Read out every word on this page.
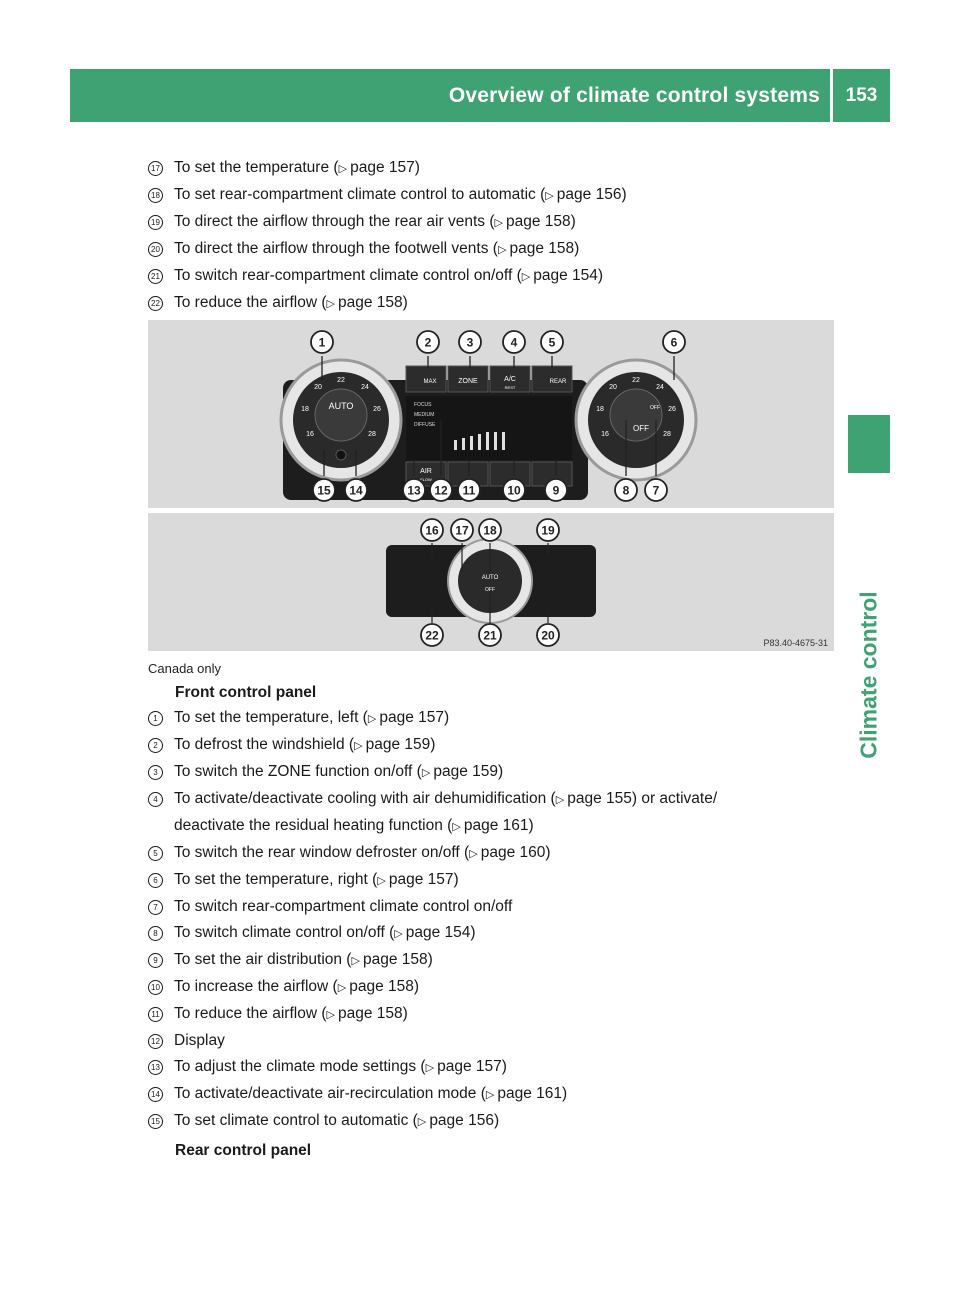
Overview of climate control systems	153
Climate control
17 To set the temperature (▷ page 157)
18 To set rear-compartment climate control to automatic (▷ page 156)
19 To direct the airflow through the rear air vents (▷ page 158)
20 To direct the airflow through the footwell vents (▷ page 158)
21 To switch rear-compartment climate control on/off (▷ page 154)
22 To reduce the airflow (▷ page 158)
AUTO
OFF
OFF
20
22
24
18	26
16	28
20
22
24
18	26
16	28
MAX	ZONE	A/C
REST
REAR
FOCUS
MEDIUM
DIFFUSE
AIR
FLOW
1	2	3	4	5	6
15 14	13 12 11	10	9	8 7
AUTO
OFF
16 17 18	19
22	21	20
P83.40-4675-31
Canada only
Front control panel
1	To set the temperature, left (▷ page 157)
2	To defrost the windshield (▷ page 159)
3	To switch the ZONE function on/off (▷ page 159)
4	To activate/deactivate cooling with air dehumidification (▷ page 155) or activate/
deactivate the residual heating function (▷ page 161)
5	To switch the rear window defroster on/off (▷ page 160)
6	To set the temperature, right (▷ page 157)
7	To switch rear-compartment climate control on/off
8	To switch climate control on/off (▷ page 154)
9	To set the air distribution (▷ page 158)
10 To increase the airflow (▷ page 158)
11 To reduce the airflow (▷ page 158)
12 Display
13 To adjust the climate mode settings (▷ page 157)
14 To activate/deactivate air-recirculation mode (▷ page 161)
15 To set climate control to automatic (▷ page 156)
Rear control panel
